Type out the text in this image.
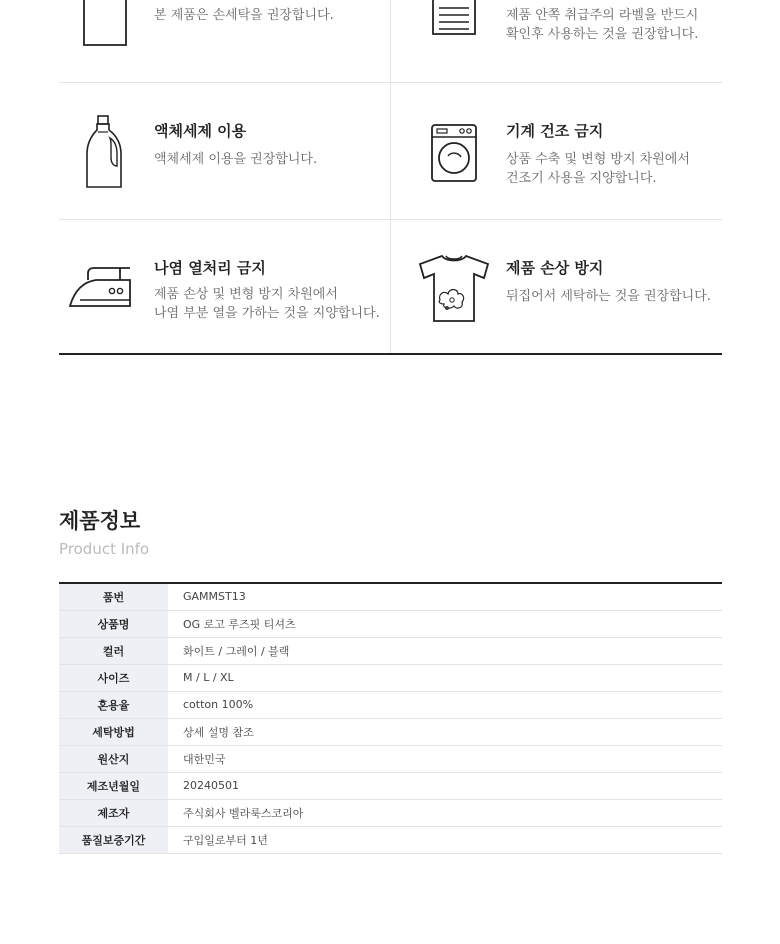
본 제품은 손세탁을 권장합니다.	제품 안쪽 취급주의 라벨을 반드시
확인후 사용하는 것을 권장합니다.
액체세제 이용
액체세제 이용을 권장합니다.
기계 건조 금지
상품 수축 및 변형 방지 차원에서
건조기 사용을 지양합니다.
나염 열처리 금지
제품 손상 및 변형 방지 차원에서
나염 부분 열을 가하는 것을 지양합니다.
제품 손상 방지
뒤집어서 세탁하는 것을 권장합니다.
제품정보
Product Info
품번	GAMMST13
상품명	OG 로고 루즈핏 티셔츠
컬러	화이트 / 그레이 / 블랙
사이즈	M / L / XL
혼용율	cotton 100%
세탁방법	상세 설명 참조
원산지	대한민국
제조년월일	20240501
제조자	주식회사 벨라룩스코리아
품질보증기간	구입일로부터 1년
